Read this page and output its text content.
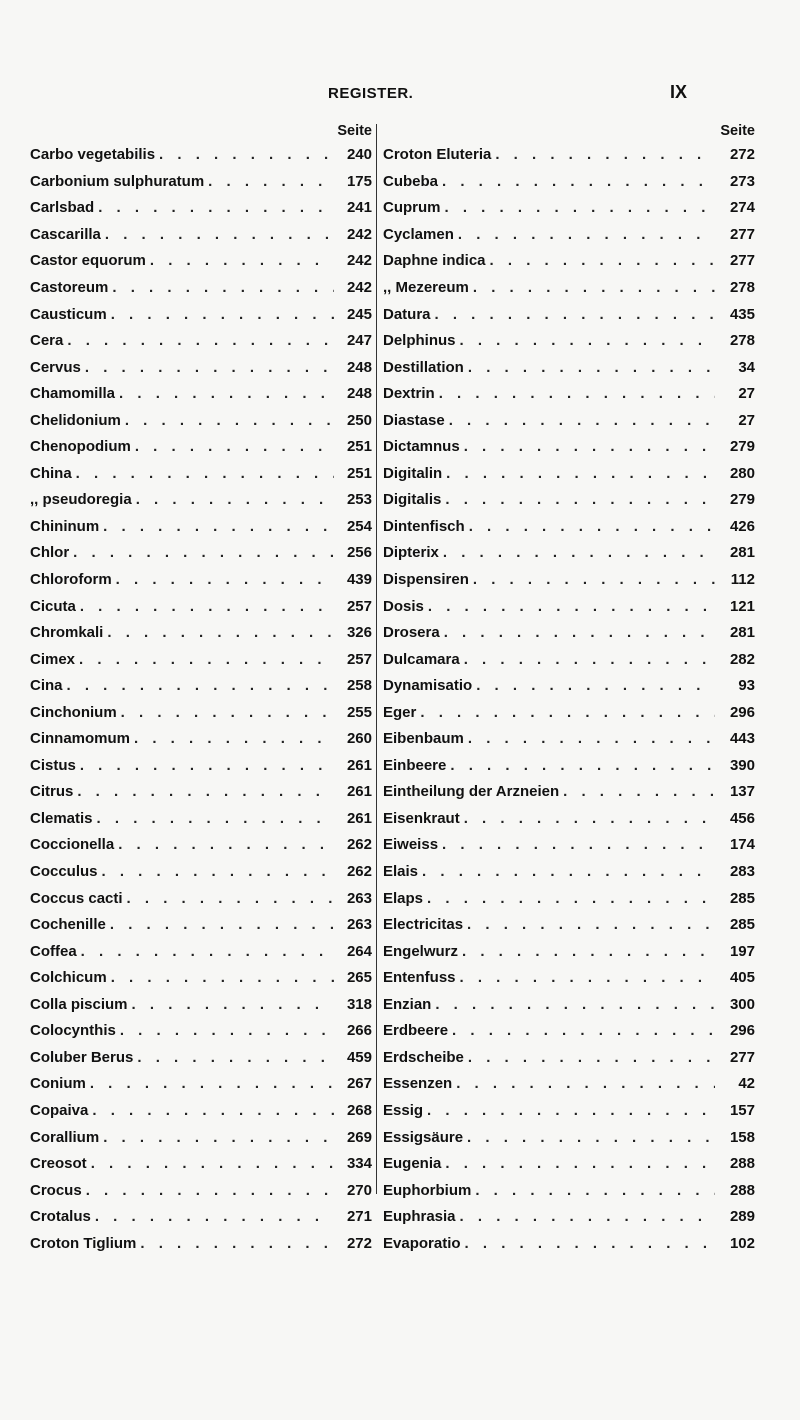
REGISTER.	IX
Seite
Carbo vegetabilis . . .	240
Carbonium sulphuratum . . .	175
Carlsbad . . .	241
Cascarilla . . .	242
Castor equorum . . .	242
Castoreum . . .	242
Causticum . . .	245
Cera . . .	247
Cervus . . .	248
Chamomilla . . .	248
Chelidonium . . .	250
Chenopodium . . .	251
China . . .	251
,, pseudoregia . . .	253
Chininum . . .	254
Chlor . . .	256
Chloroform . . .	439
Cicuta . . .	257
Chromkali . . .	326
Cimex . . .	257
Cina . . .	258
Cinchonium . . .	255
Cinnamomum . . .	260
Cistus . . .	261
Citrus . . .	261
Clematis . . .	261
Coccionella . . .	262
Cocculus . . .	262
Coccus cacti . . .	263
Cochenille . . .	263
Coffea . . .	264
Colchicum . . .	265
Colla piscium . . .	318
Colocynthis . . .	266
Coluber Berus . . .	459
Conium . . .	267
Copaiva . . .	268
Corallium . . .	269
Creosot . . .	334
Crocus . . .	270
Crotalus . . .	271
Croton Tiglium . . .	272
Seite
Croton Eluteria . . .	272
Cubeba . . .	273
Cuprum . . .	274
Cyclamen . . .	277
Daphne indica . . .	277
,, Mezereum . . .	278
Datura . . .	435
Delphinus . . .	278
Destillation . . .	34
Dextrin . . .	27
Diastase . . .	27
Dictamnus . . .	279
Digitalin . . .	280
Digitalis . . .	279
Dintenfisch . . .	426
Dipterix . . .	281
Dispensiren . . .	112
Dosis . . .	121
Drosera . . .	281
Dulcamara . . .	282
Dynamisatio . . .	93
Eger . . .	296
Eibenbaum . . .	443
Einbeere . . .	390
Eintheilung der Arzneien . . .	137
Eisenkraut . . .	456
Eiweiss . . .	174
Elais . . .	283
Elaps . . .	285
Electricitas . . .	285
Engelwurz . . .	197
Entenfuss . . .	405
Enzian . . .	300
Erdbeere . . .	296
Erdscheibe . . .	277
Essenzen . . .	42
Essig . . .	157
Essigsäure . . .	158
Eugenia . . .	288
Euphorbium . . .	288
Euphrasia . . .	289
Evaporatio . . .	102
